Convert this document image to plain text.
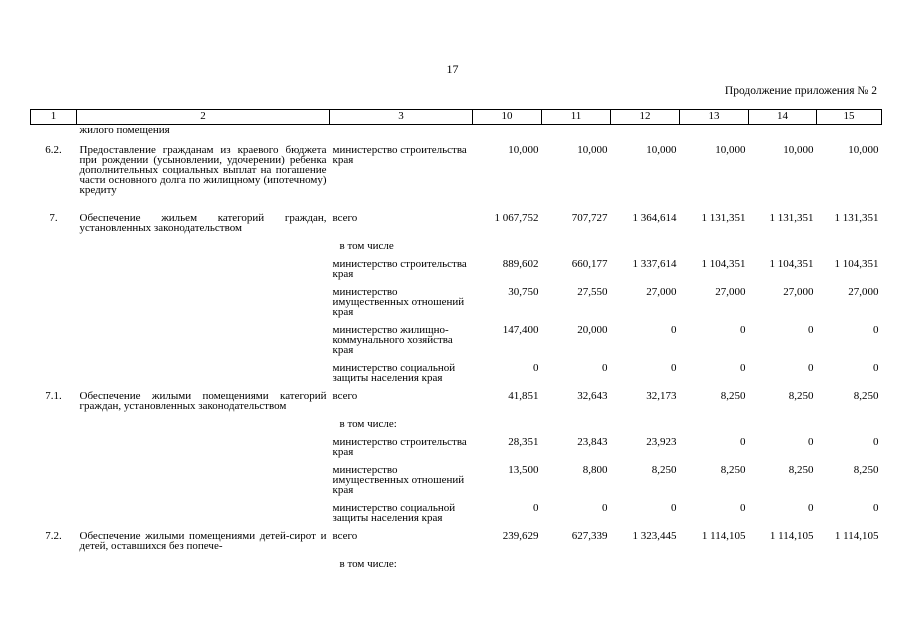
17
Продолжение приложения № 2
1	2	3	10	11	12	13	14	15
	жилого помещения							
6.2.	Предоставление гражданам из краевого бюджета при рождении (усыновлении, удочерении) ребенка дополнительных социальных выплат на погашение части основного долга по жилищному (ипотечному) кредиту	министерство строительства края	10,000	10,000	10,000	10,000	10,000	10,000
7.	Обеспечение жильем категорий граждан, установленных законодательством	всего	1 067,752	707,727	1 364,614	1 131,351	1 131,351	1 131,351
		в том числе						
		министерство строительства края	889,602	660,177	1 337,614	1 104,351	1 104,351	1 104,351
		министерство имущественных отношений края	30,750	27,550	27,000	27,000	27,000	27,000
		министерство жилищно-коммунального хозяйства края	147,400	20,000	0	0	0	0
		министерство социальной защиты населения края	0	0	0	0	0	0
7.1.	Обеспечение жилыми помещениями категорий граждан, установленных законодательством	всего	41,851	32,643	32,173	8,250	8,250	8,250
		в том числе:						
		министерство строительства края	28,351	23,843	23,923	0	0	0
		министерство имущественных отношений края	13,500	8,800	8,250	8,250	8,250	8,250
		министерство социальной защиты населения края	0	0	0	0	0	0
7.2.	Обеспечение жилыми помещениями детей-сирот и детей, оставшихся без попече-	всего	239,629	627,339	1 323,445	1 114,105	1 114,105	1 114,105
		в том числе:						
